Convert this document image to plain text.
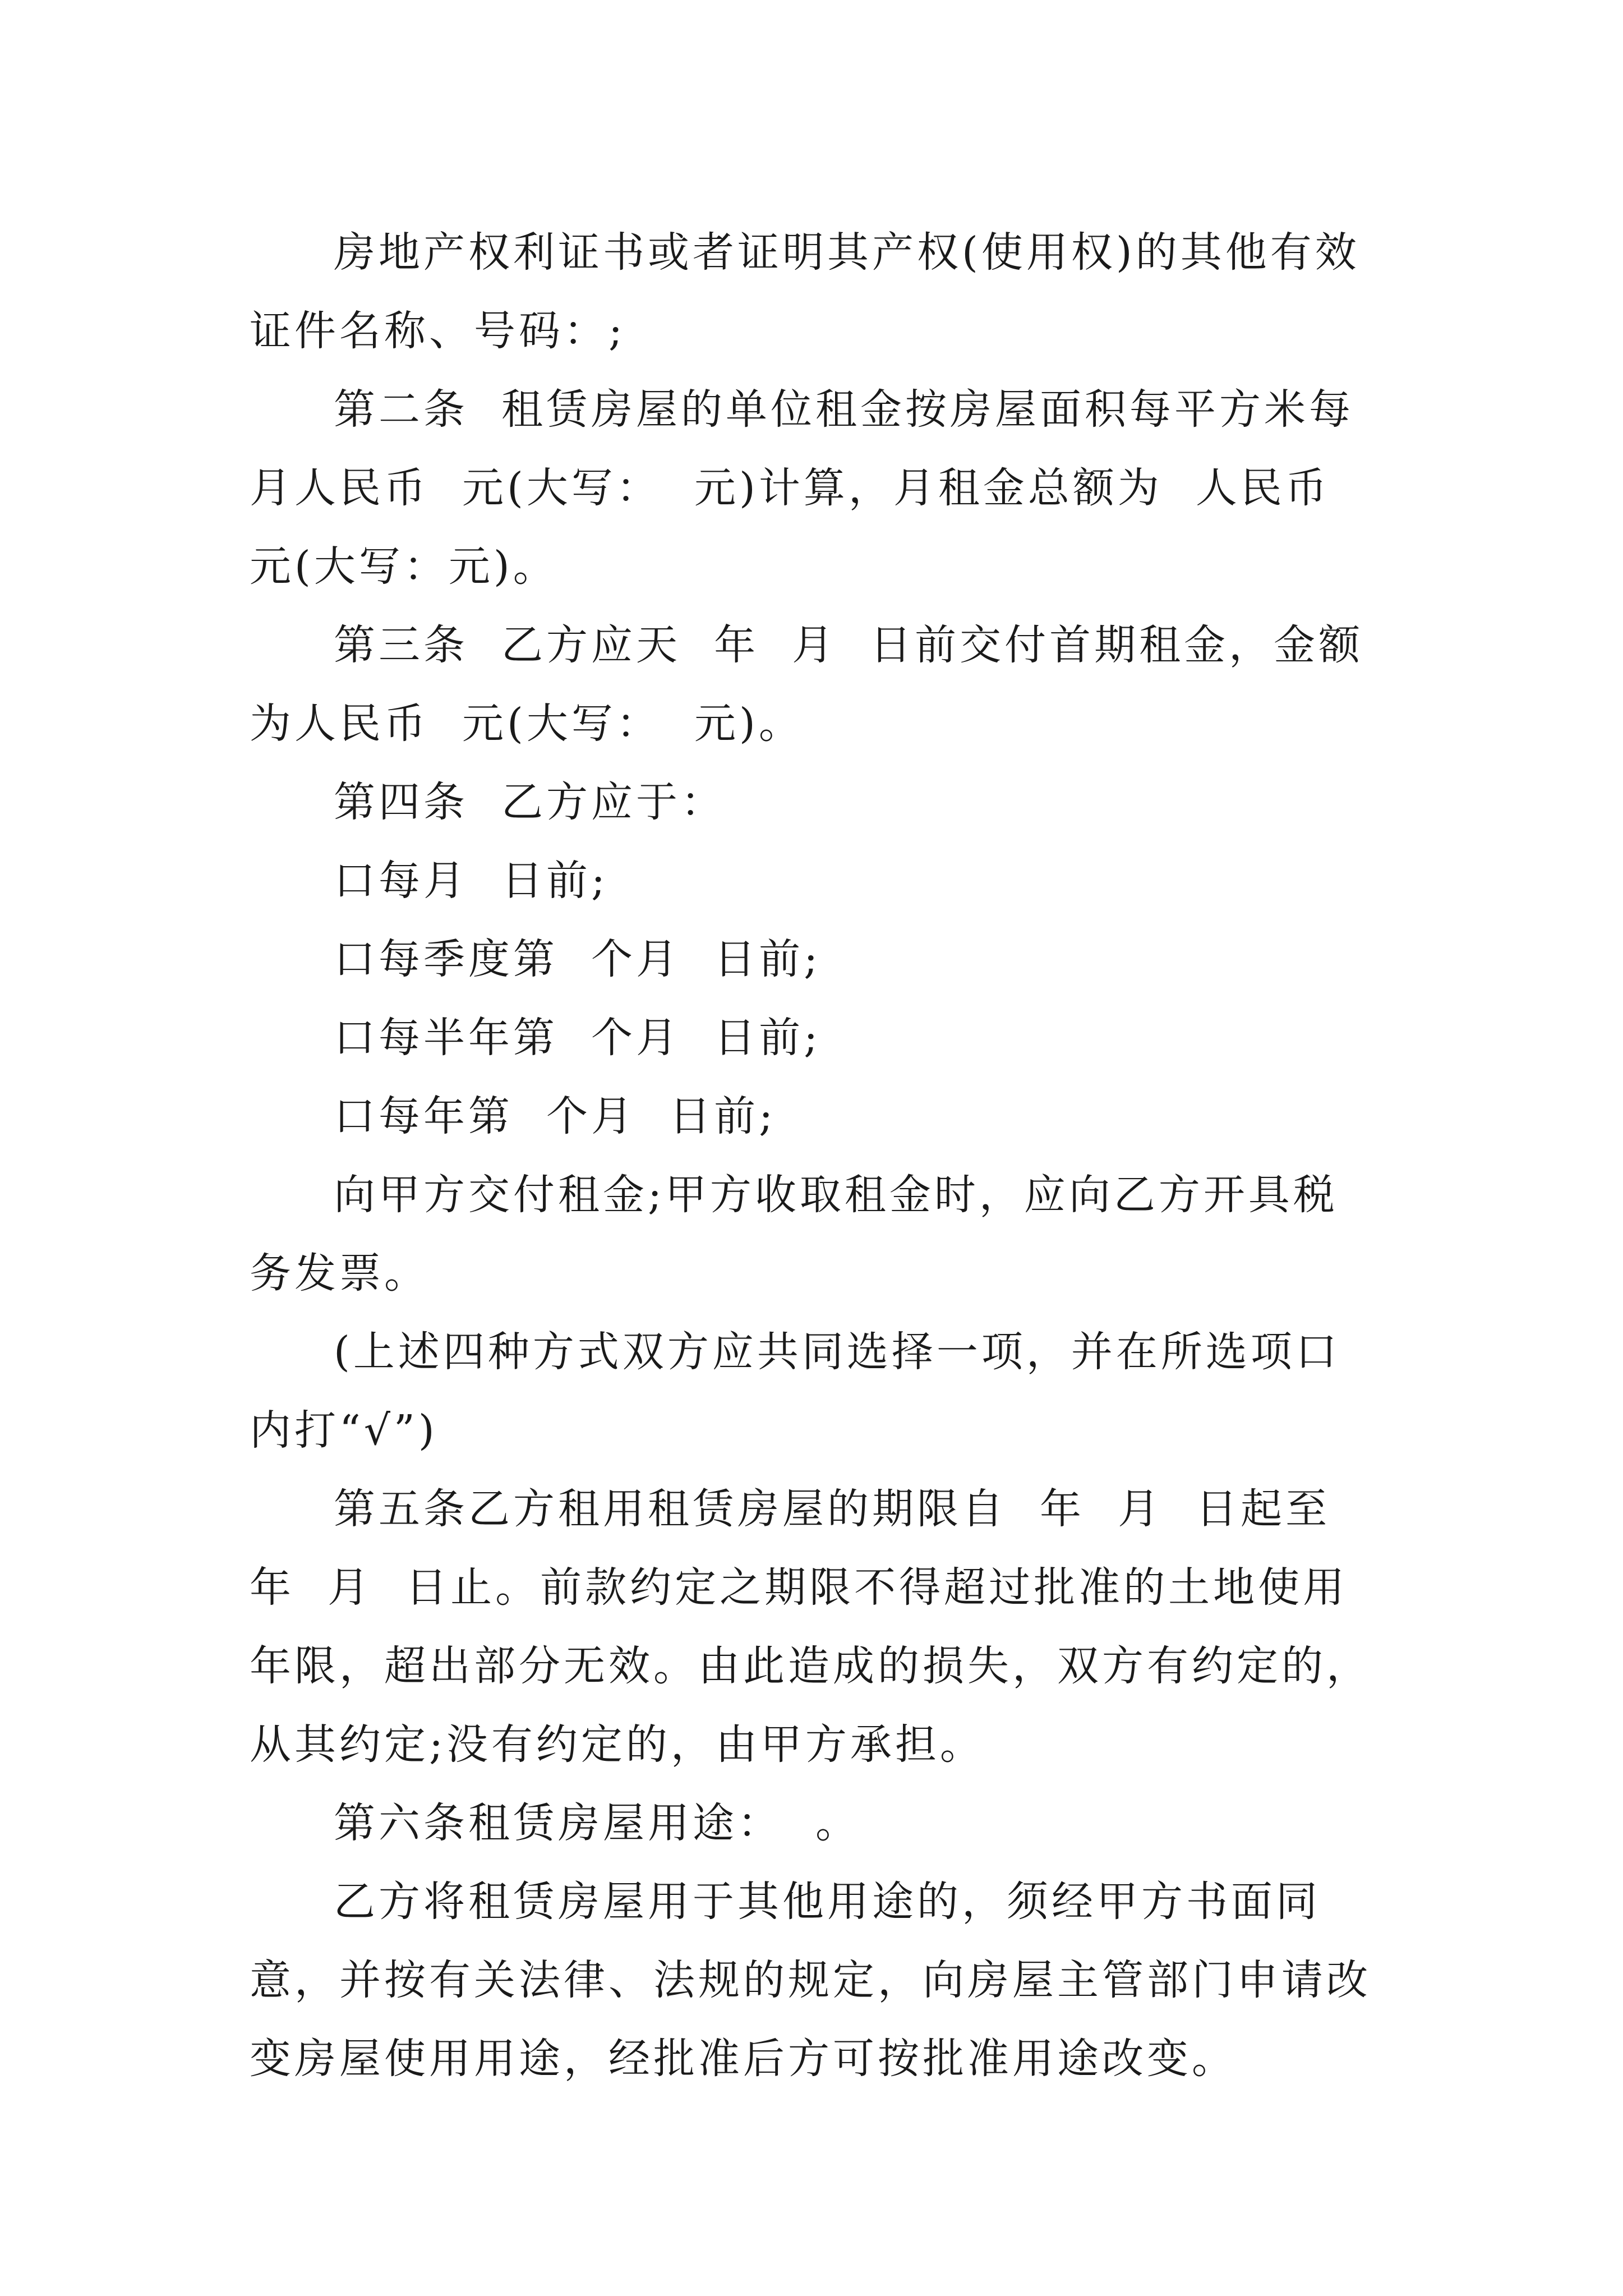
房地产权利证书或者证明其产权(使用权)的其他有效证件名称、号码：;

第二条  租赁房屋的单位租金按房屋面积每平方米每月人民币  元(大写：  元)计算，月租金总额为  人民币元(大写：元)。

第三条  乙方应天  年  月  日前交付首期租金，金额为人民币  元(大写：  元)。

第四条  乙方应于：

口每月  日前;

口每季度第  个月  日前;

口每半年第  个月  日前;

口每年第  个月  日前;

向甲方交付租金;甲方收取租金时，应向乙方开具税务发票。

(上述四种方式双方应共同选择一项，并在所选项口内打“√”)

第五条乙方租用租赁房屋的期限自  年  月  日起至  年  月  日止。前款约定之期限不得超过批准的土地使用年限，超出部分无效。由此造成的损失，双方有约定的，从其约定;没有约定的，由甲方承担。

第六条租赁房屋用途：  。

乙方将租赁房屋用于其他用途的，须经甲方书面同意，并按有关法律、法规的规定，向房屋主管部门申请改变房屋使用用途，经批准后方可按批准用途改变。
